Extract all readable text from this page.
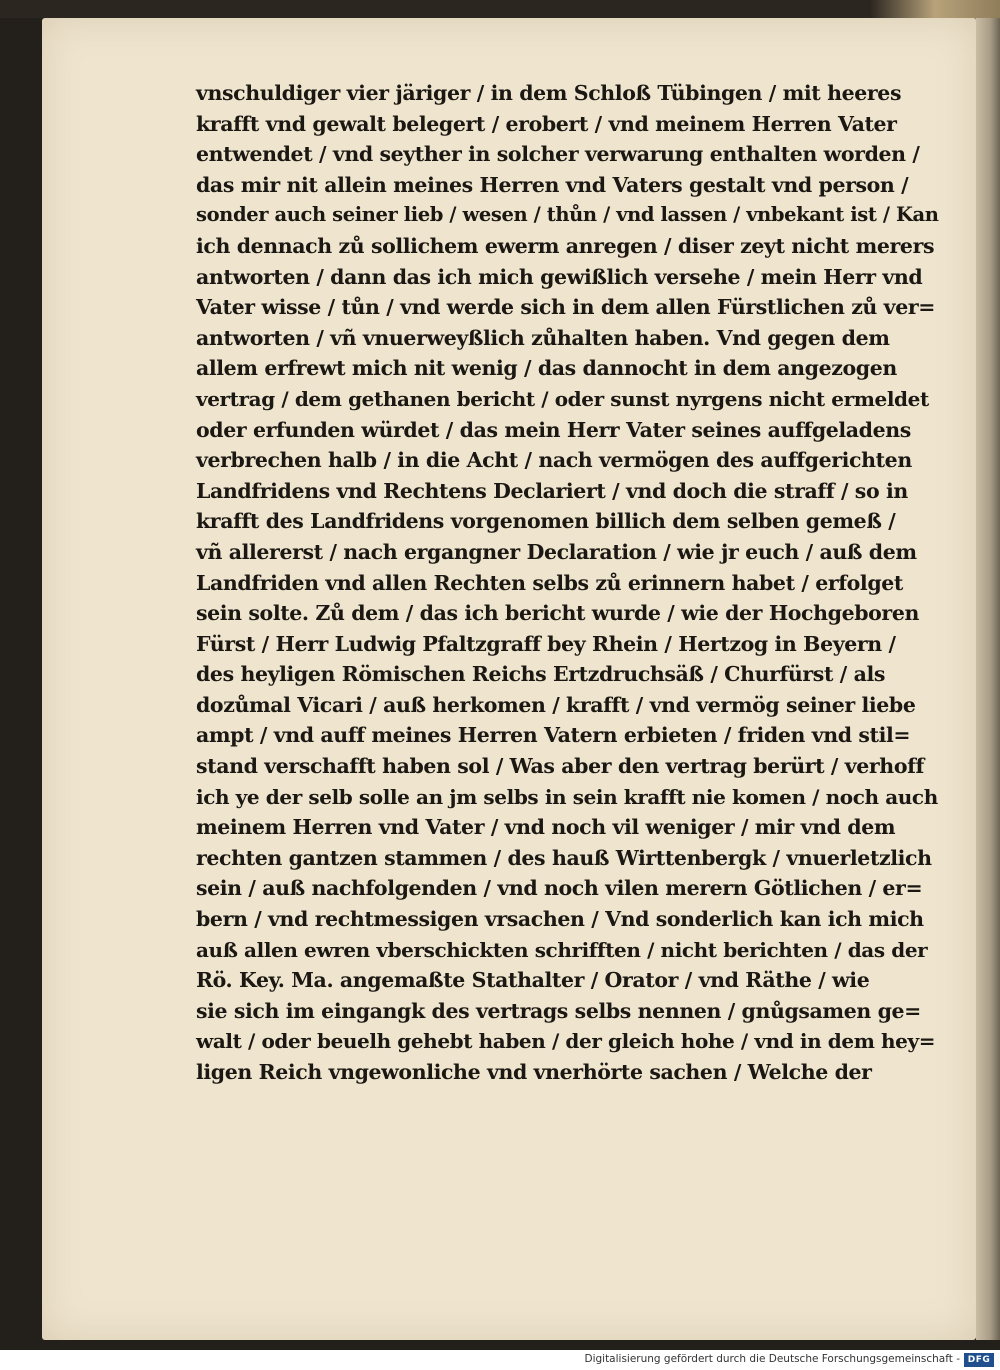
vnschuldiger vier järiger / in dem Schloß Tübingen / mit heeres
krafft vnd gewalt belegert / erobert / vnd meinem Herren Vater
entwendet / vnd seyther in solcher verwarung enthalten worden /
das mir nit allein meines Herren vnd Vaters gestalt vnd person /
sonder auch seiner lieb / wesen / thůn / vnd lassen / vnbekant ist / Kan
ich dennach zů sollichem ewerm anregen / diser zeyt nicht merers
antworten / dann das ich mich gewißlich versehe / mein Herr vnd
Vater wisse / tůn / vnd werde sich in dem allen Fürstlichen zů ver=
antworten / vñ vnuerweyßlich zůhalten haben. Vnd gegen dem
allem erfrewt mich nit wenig / das dannocht in dem angezogen
vertrag / dem gethanen bericht / oder sunst nyrgens nicht ermeldet
oder erfunden würdet / das mein Herr Vater seines auffgeladens
verbrechen halb / in die Acht / nach vermögen des auffgerichten
Landfridens vnd Rechtens Declariert / vnd doch die straff / so in
krafft des Landfridens vorgenomen billich dem selben gemeß /
vñ allererst / nach ergangner Declaration / wie jr euch / auß dem
Landfriden vnd allen Rechten selbs zů erinnern habet / erfolget
sein solte. Zů dem / das ich bericht wurde / wie der Hochgeboren
Fürst / Herr Ludwig Pfaltzgraff bey Rhein / Hertzog in Beyern /
des heyligen Römischen Reichs Ertzdruchsäß / Churfürst / als
dozůmal Vicari / auß herkomen / krafft / vnd vermög seiner liebe
ampt / vnd auff meines Herren Vatern erbieten / friden vnd stil=
stand verschafft haben sol / Was aber den vertrag berürt / verhoff
ich ye der selb solle an jm selbs in sein krafft nie komen / noch auch
meinem Herren vnd Vater / vnd noch vil weniger / mir vnd dem
rechten gantzen stammen / des hauß Wirttenbergk / vnuerletzlich
sein / auß nachfolgenden / vnd noch vilen merern Götlichen / er=
bern / vnd rechtmessigen vrsachen / Vnd sonderlich kan ich mich
auß allen ewren vberschickten schrifften / nicht berichten / das der
Rö. Key. Ma. angemaßte Stathalter / Orator / vnd Räthe / wie
sie sich im eingangk des vertrags selbs nennen / gnůgsamen ge=
walt / oder beuelh gehebt haben / der gleich hohe / vnd in dem hey=
ligen Reich vngewonliche vnd vnerhörte sachen / Welche der
Digitalisierung gefördert durch die Deutsche Forschungsgemeinschaft - DFG
